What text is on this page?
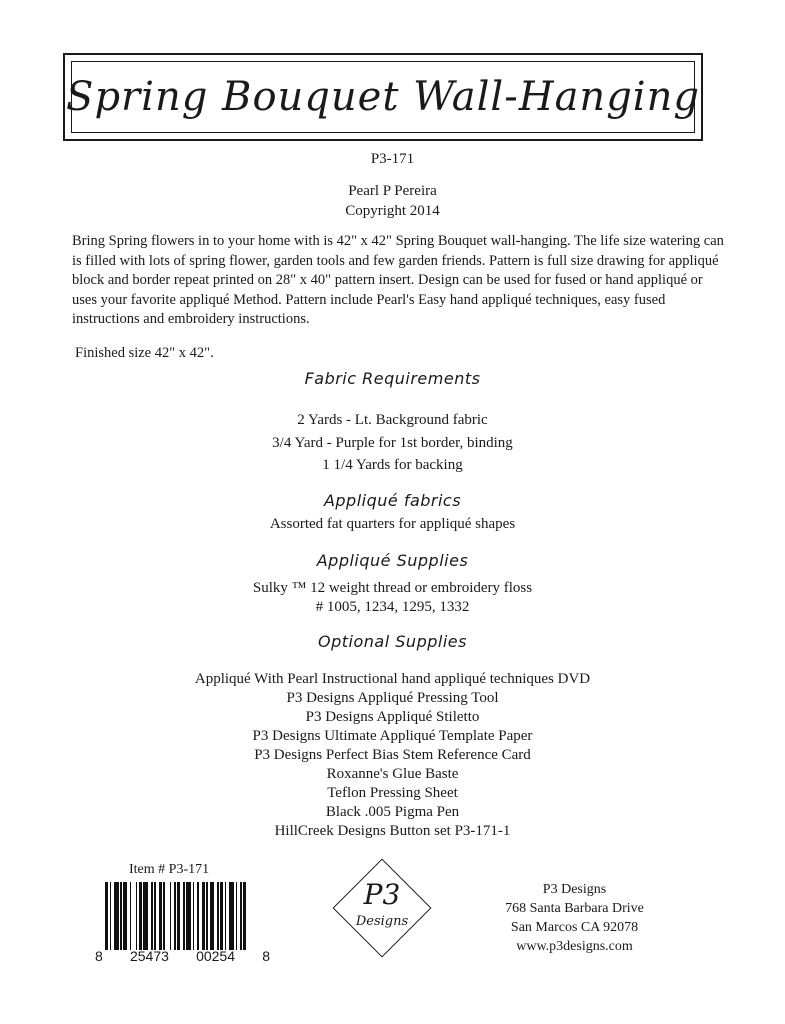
Spring Bouquet Wall-Hanging
P3-171
Pearl P Pereira
Copyright 2014
Bring Spring flowers in to your home with is 42" x 42" Spring Bouquet wall-hanging. The life size watering can is filled with lots of spring flower, garden tools and few garden friends. Pattern is full size drawing for appliqué block and border repeat printed on 28" x 40" pattern insert. Design can be used for fused or hand appliqué or uses your favorite appliqué Method. Pattern include Pearl's Easy hand appliqué techniques, easy fused instructions and embroidery instructions.
Finished size 42" x 42".
Fabric Requirements
2 Yards - Lt. Background fabric
3/4 Yard - Purple for 1st border, binding
1 1/4 Yards for backing
Appliqué fabrics
Assorted fat quarters for appliqué shapes
Appliqué Supplies
Sulky ™ 12 weight thread or embroidery floss
# 1005, 1234, 1295, 1332
Optional Supplies
Appliqué With Pearl Instructional hand appliqué techniques DVD
P3 Designs Appliqué Pressing Tool
P3 Designs Appliqué Stiletto
P3 Designs Ultimate Appliqué Template Paper
P3 Designs Perfect Bias Stem Reference Card
Roxanne's Glue Baste
Teflon Pressing Sheet
Black .005 Pigma Pen
HillCreek Designs Button set P3-171-1
Item # P3-171
8 25473 00254 8
P3
Designs
P3 Designs
768 Santa Barbara Drive
San Marcos CA 92078
www.p3designs.com
